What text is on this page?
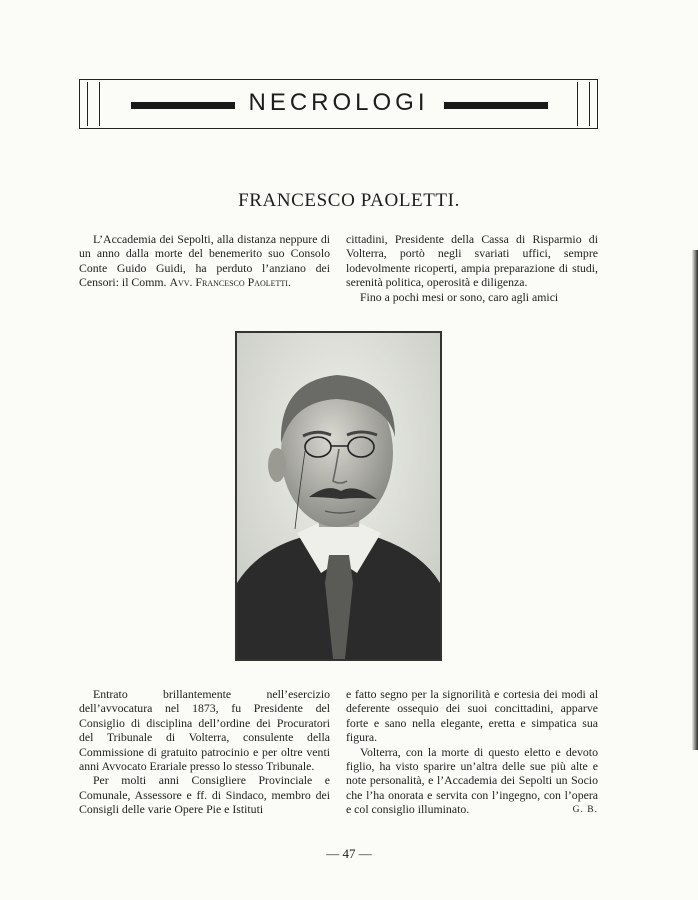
NECROLOGI
FRANCESCO PAOLETTI.

L’Accademia dei Sepolti, alla distanza neppure di un anno dalla morte del benemerito suo Consolo Conte Guido Guidi, ha perduto l’anziano dei Censori: il Comm. Avv. Francesco Paoletti.

cittadini, Presidente della Cassa di Risparmio di Volterra, portò negli svariati uffici, sempre lodevolmente ricoperti, ampia preparazione di studi, serenità politica, operosità e diligenza.

Fino a pochi mesi or sono, caro agli amici

Entrato brillantemente nell’esercizio dell’avvocatura nel 1873, fu Presidente del Consiglio di disciplina dell’ordine dei Procuratori del Tribunale di Volterra, consulente della Commissione di gratuito patrocinio e per oltre venti anni Avvocato Erariale presso lo stesso Tribunale.

Per molti anni Consigliere Provinciale e Comunale, Assessore e ff. di Sindaco, membro dei Consigli delle varie Opere Pie e Istituti

e fatto segno per la signorilità e cortesia dei modi al deferente ossequio dei suoi concittadini, apparve forte e sano nella elegante, eretta e simpatica sua figura.

Volterra, con la morte di questo eletto e devoto figlio, ha visto sparire un’altra delle sue più alte e note personalità, e l’Accademia dei Sepolti un Socio che l’ha onorata e servita con l’ingegno, con l’opera e col consiglio illuminato.	G. B.
— 47 —
